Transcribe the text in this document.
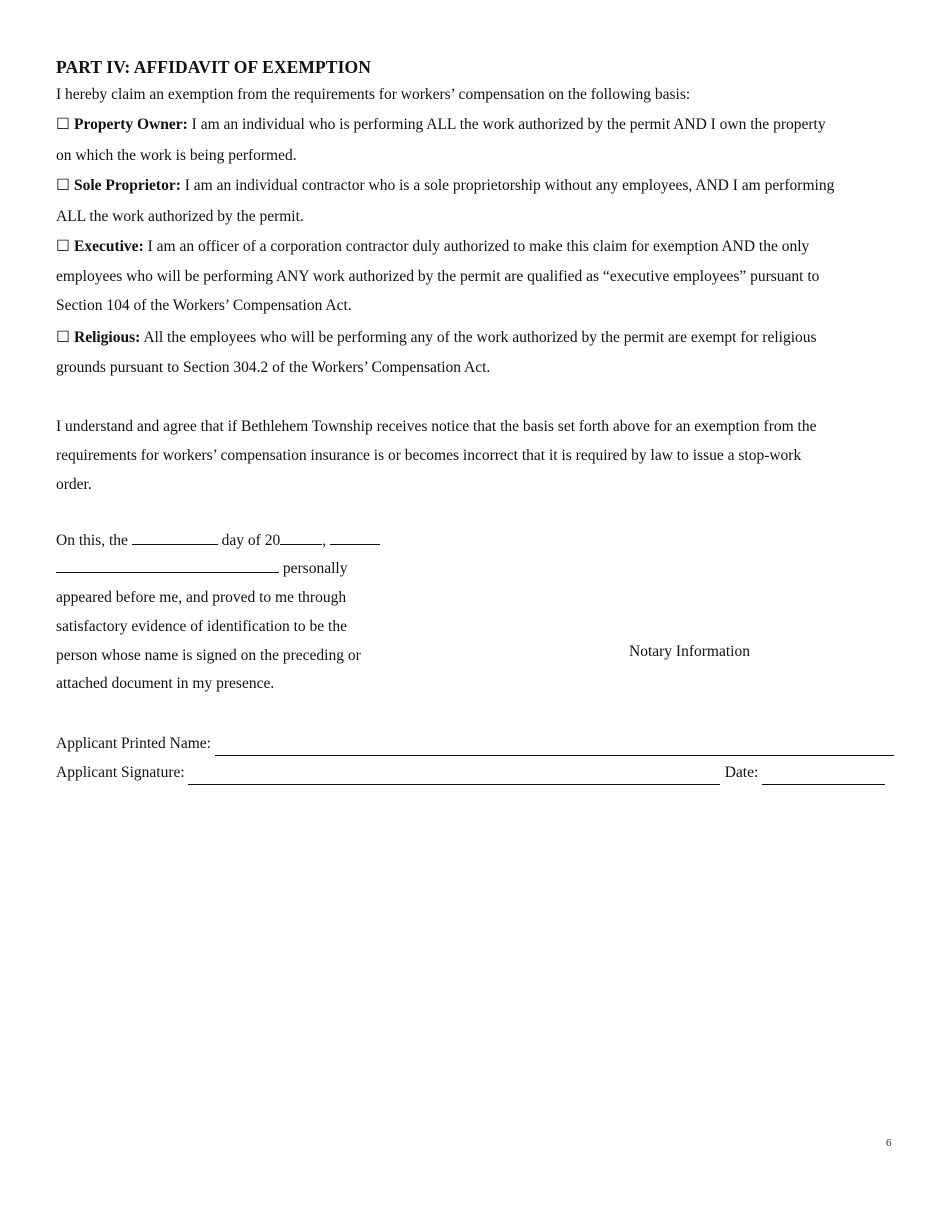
PART IV: AFFIDAVIT OF EXEMPTION

I hereby claim an exemption from the requirements for workers’ compensation on the following basis:

☐ Property Owner: I am an individual who is performing ALL the work authorized by the permit AND I own the property
on which the work is being performed.

☐ Sole Proprietor: I am an individual contractor who is a sole proprietorship without any employees, AND I am performing
ALL the work authorized by the permit.

☐ Executive: I am an officer of a corporation contractor duly authorized to make this claim for exemption AND the only
employees who will be performing ANY work authorized by the permit are qualified as “executive employees” pursuant to
Section 104 of the Workers’ Compensation Act.

☐ Religious: All the employees who will be performing any of the work authorized by the permit are exempt for religious
grounds pursuant to Section 304.2 of the Workers’ Compensation Act.

I understand and agree that if Bethlehem Township receives notice that the basis set forth above for an exemption from the
requirements for workers’ compensation insurance is or becomes incorrect that it is required by law to issue a stop-work
order.

On this, the	day of 20	,
personally
appeared before me, and proved to me through
satisfactory evidence of identification to be the
person whose name is signed on the preceding or
attached document in my presence.
Notary Information
Applicant Printed Name:
Applicant Signature:	Date:
6
